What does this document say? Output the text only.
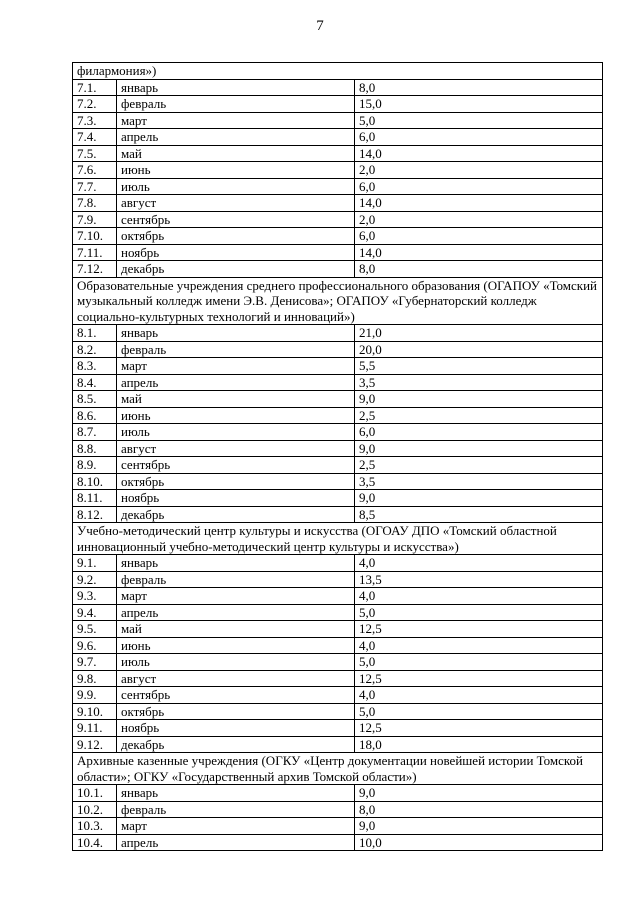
7
филармония»)		
7.1.	январь	8,0
7.2.	февраль	15,0
7.3.	март	5,0
7.4.	апрель	6,0
7.5.	май	14,0
7.6.	июнь	2,0
7.7.	июль	6,0
7.8.	август	14,0
7.9.	сентябрь	2,0
7.10.	октябрь	6,0
7.11.	ноябрь	14,0
7.12.	декабрь	8,0
Образовательные учреждения среднего профессионального образования (ОГАПОУ «Томский музыкальный колледж имени Э.В. Денисова»; ОГАПОУ «Губернаторский колледж социально-культурных технологий и инноваций»)		
8.1.	январь	21,0
8.2.	февраль	20,0
8.3.	март	5,5
8.4.	апрель	3,5
8.5.	май	9,0
8.6.	июнь	2,5
8.7.	июль	6,0
8.8.	август	9,0
8.9.	сентябрь	2,5
8.10.	октябрь	3,5
8.11.	ноябрь	9,0
8.12.	декабрь	8,5
Учебно-методический центр культуры и искусства (ОГОАУ ДПО «Томский областной инновационный учебно-методический центр культуры и искусства»)		
9.1.	январь	4,0
9.2.	февраль	13,5
9.3.	март	4,0
9.4.	апрель	5,0
9.5.	май	12,5
9.6.	июнь	4,0
9.7.	июль	5,0
9.8.	август	12,5
9.9.	сентябрь	4,0
9.10.	октябрь	5,0
9.11.	ноябрь	12,5
9.12.	декабрь	18,0
Архивные казенные учреждения (ОГКУ «Центр документации новейшей истории Томской области»; ОГКУ «Государственный архив Томской области»)		
10.1.	январь	9,0
10.2.	февраль	8,0
10.3.	март	9,0
10.4.	апрель	10,0
